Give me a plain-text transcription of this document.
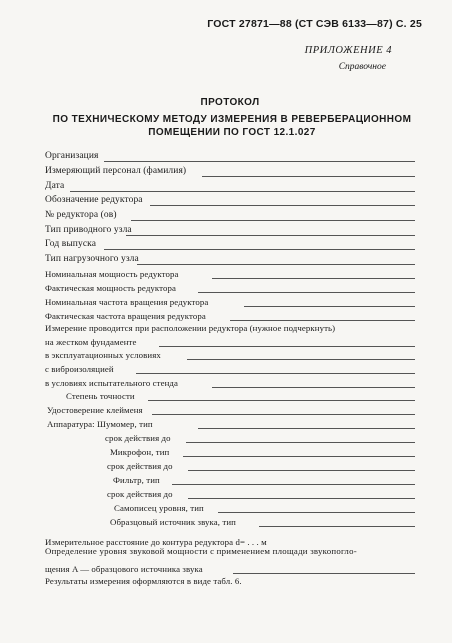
ГОСТ 27871—88 (СТ СЭВ 6133—87) С. 25
ПРИЛОЖЕНИЕ 4
Справочное
ПРОТОКОЛ
ПО ТЕХНИЧЕСКОМУ МЕТОДУ ИЗМЕРЕНИЯ В РЕВЕРБЕРАЦИОННОМ
ПОМЕЩЕНИИ ПО ГОСТ 12.1.027
Организация
Измеряющий персонал (фамилия)
Дата
Обозначение редуктора
№ редуктора (ов)
Тип приводного узла
Год выпуска
Тип нагрузочного узла
Номинальная мощность редуктора
Фактическая мощность редуктора
Номинальная частота вращения редуктора
Фактическая частота вращения редуктора
Измерение проводится при расположении редуктора (нужное подчеркнуть)
на жестком фундаменте
в эксплуатационных условиях
с виброизоляцией
в условиях испытательного стенда
Степень точности
Удостоверение клейменя
Аппаратура: Шумомер, тип
срок действия до
Микрофон, тип
срок действия до
Фильтр, тип
срок действия до
Самописец уровня, тип
Образцовый источник звука, тип
Измерительное расстояние до контура редуктора d= . . . м
Определение уровня звуковой мощности с применением площади звукопогло-
щения A — образцового источника звука
Результаты измерения оформляются в виде табл. 6.
